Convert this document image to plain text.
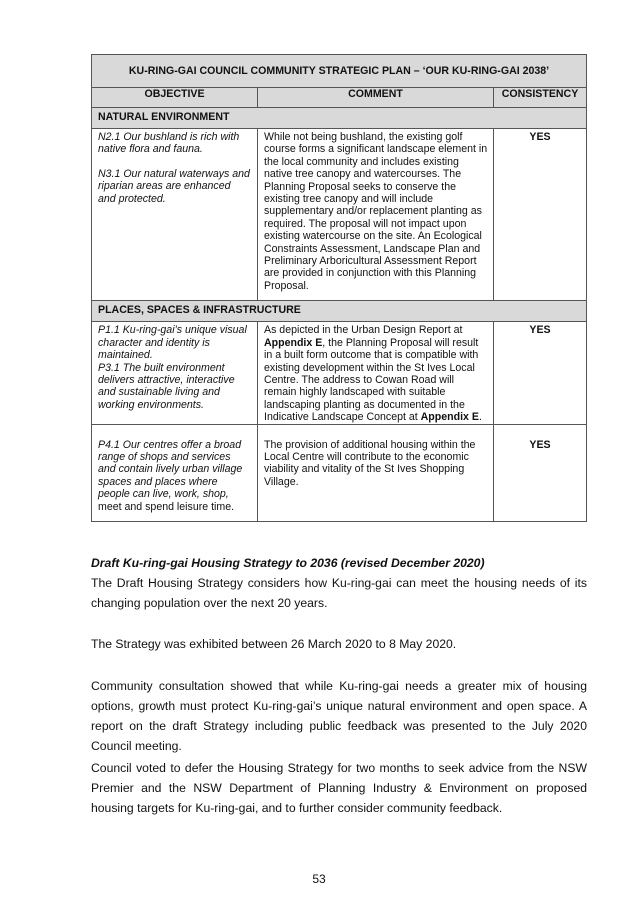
KU-RING-GAI COUNCIL COMMUNITY STRATEGIC PLAN – ‘OUR KU-RING-GAI 2038’		
OBJECTIVE	COMMENT	CONSISTENCY
NATURAL ENVIRONMENT		

N2.1 Our bushland is rich with native flora and fauna.

N3.1 Our natural waterways and riparian areas are enhanced and protected.	While not being bushland, the existing golf course forms a significant landscape element in the local community and includes existing native tree canopy and watercourses. The Planning Proposal seeks to conserve the existing tree canopy and will include supplementary and/or replacement planting as required. The proposal will not impact upon existing watercourse on the site. An Ecological Constraints Assessment, Landscape Plan and Preliminary Arboricultural Assessment Report are provided in conjunction with this Planning Proposal.	YES
PLACES, SPACES & INFRASTRUCTURE		

P1.1 Ku-ring-gai’s unique visual character and identity is maintained.

P3.1 The built environment delivers attractive, interactive and sustainable living and working environments.	As depicted in the Urban Design Report at Appendix E, the Planning Proposal will result in a built form outcome that is compatible with existing development within the St Ives Local Centre. The address to Cowan Road will remain highly landscaped with suitable landscaping planting as documented in the Indicative Landscape Concept at Appendix E.	YES

P4.1 Our centres offer a broad range of shops and services and contain lively urban village spaces and places where people can live, work, shop, meet and spend leisure time.	The provision of additional housing within the Local Centre will contribute to the economic viability and vitality of the St Ives Shopping Village.	YES
Draft Ku-ring-gai Housing Strategy to 2036 (revised December 2020)

The Draft Housing Strategy considers how Ku-ring-gai can meet the housing needs of its changing population over the next 20 years.

The Strategy was exhibited between 26 March 2020 to 8 May 2020.

Community consultation showed that while Ku-ring-gai needs a greater mix of housing options, growth must protect Ku-ring-gai’s unique natural environment and open space. A report on the draft Strategy including public feedback was presented to the July 2020 Council meeting.

Council voted to defer the Housing Strategy for two months to seek advice from the NSW Premier and the NSW Department of Planning Industry & Environment on proposed housing targets for Ku-ring-gai, and to further consider community feedback.

53
